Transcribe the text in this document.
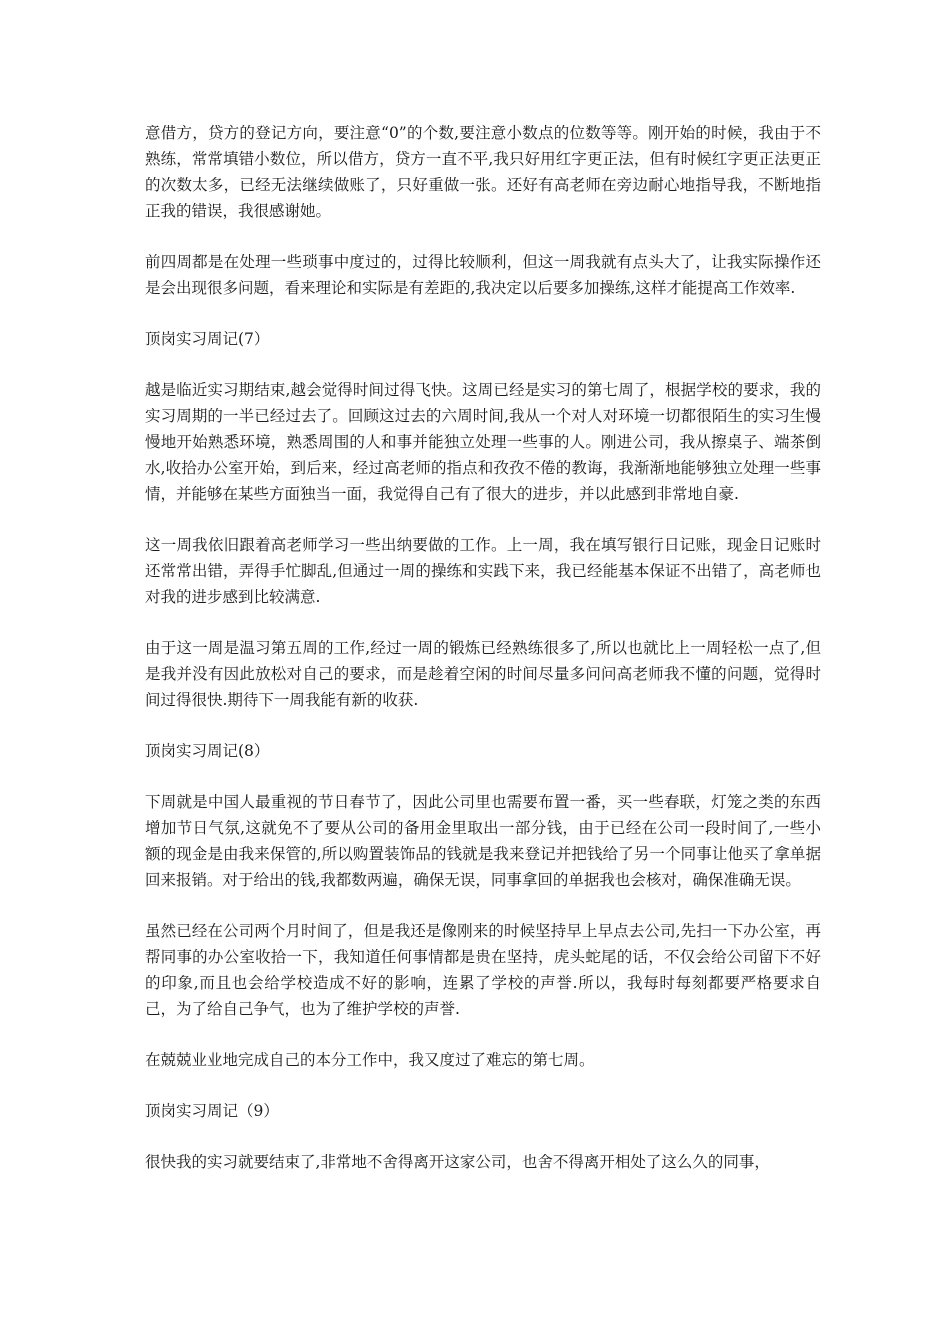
意借方，贷方的登记方向，要注意“0”的个数,要注意小数点的位数等等。刚开始的时候，我由于不熟练，常常填错小数位，所以借方，贷方一直不平,我只好用红字更正法，但有时候红字更正法更正的次数太多，已经无法继续做账了，只好重做一张。还好有高老师在旁边耐心地指导我，不断地指正我的错误，我很感谢她。

前四周都是在处理一些琐事中度过的，过得比较顺利，但这一周我就有点头大了，让我实际操作还是会出现很多问题，看来理论和实际是有差距的,我决定以后要多加操练,这样才能提高工作效率.

顶岗实习周记(7）

越是临近实习期结束,越会觉得时间过得飞快。这周已经是实习的第七周了，根据学校的要求，我的实习周期的一半已经过去了。回顾这过去的六周时间,我从一个对人对环境一切都很陌生的实习生慢慢地开始熟悉环境，熟悉周围的人和事并能独立处理一些事的人。刚进公司，我从擦桌子、端茶倒水,收拾办公室开始，到后来，经过高老师的指点和孜孜不倦的教诲，我渐渐地能够独立处理一些事情，并能够在某些方面独当一面，我觉得自己有了很大的进步，并以此感到非常地自豪.

这一周我依旧跟着高老师学习一些出纳要做的工作。上一周，我在填写银行日记账，现金日记账时还常常出错，弄得手忙脚乱,但通过一周的操练和实践下来，我已经能基本保证不出错了，高老师也对我的进步感到比较满意.

由于这一周是温习第五周的工作,经过一周的锻炼已经熟练很多了,所以也就比上一周轻松一点了,但是我并没有因此放松对自己的要求，而是趁着空闲的时间尽量多问问高老师我不懂的问题，觉得时间过得很快.期待下一周我能有新的收获.

顶岗实习周记(8）

下周就是中国人最重视的节日春节了，因此公司里也需要布置一番，买一些春联，灯笼之类的东西增加节日气氛,这就免不了要从公司的备用金里取出一部分钱，由于已经在公司一段时间了,一些小额的现金是由我来保管的,所以购置装饰品的钱就是我来登记并把钱给了另一个同事让他买了拿单据回来报销。对于给出的钱,我都数两遍，确保无误，同事拿回的单据我也会核对，确保准确无误。

虽然已经在公司两个月时间了，但是我还是像刚来的时候坚持早上早点去公司,先扫一下办公室，再帮同事的办公室收拾一下，我知道任何事情都是贵在坚持，虎头蛇尾的话，不仅会给公司留下不好的印象,而且也会给学校造成不好的影响，连累了学校的声誉.所以，我每时每刻都要严格要求自己，为了给自己争气，也为了维护学校的声誉.

在兢兢业业地完成自己的本分工作中，我又度过了难忘的第七周。

顶岗实习周记（9）

很快我的实习就要结束了,非常地不舍得离开这家公司，也舍不得离开相处了这么久的同事，
